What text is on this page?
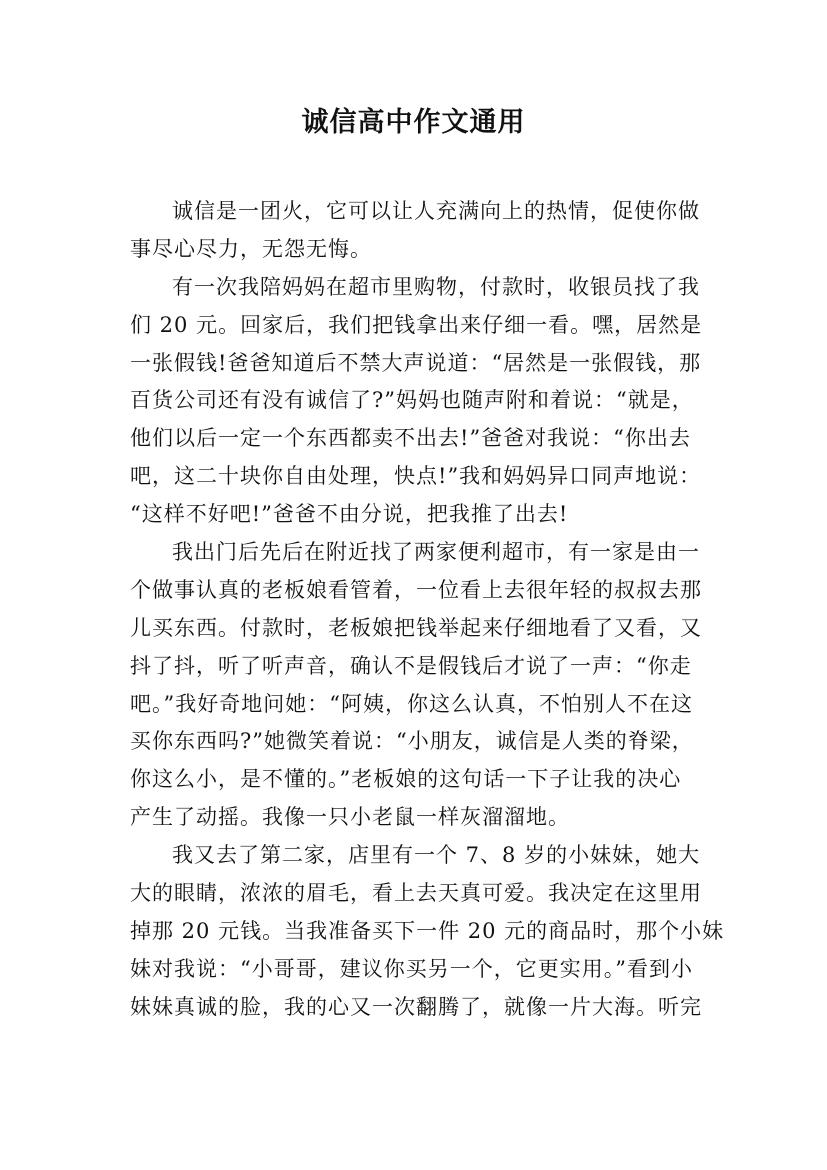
诚信高中作文通用
诚信是一团火，它可以让人充满向上的热情，促使你做
事尽心尽力，无怨无悔。
有一次我陪妈妈在超市里购物，付款时，收银员找了我
们 20 元。回家后，我们把钱拿出来仔细一看。嘿，居然是
一张假钱!爸爸知道后不禁大声说道：“居然是一张假钱，那
百货公司还有没有诚信了?”妈妈也随声附和着说：“就是，
他们以后一定一个东西都卖不出去!”爸爸对我说：“你出去
吧，这二十块你自由处理，快点!”我和妈妈异口同声地说：
“这样不好吧!”爸爸不由分说，把我推了出去!
我出门后先后在附近找了两家便利超市，有一家是由一
个做事认真的老板娘看管着，一位看上去很年轻的叔叔去那
儿买东西。付款时，老板娘把钱举起来仔细地看了又看，又
抖了抖，听了听声音，确认不是假钱后才说了一声：“你走
吧。”我好奇地问她：“阿姨，你这么认真，不怕别人不在这
买你东西吗?”她微笑着说：“小朋友，诚信是人类的脊梁，
你这么小，是不懂的。”老板娘的这句话一下子让我的决心
产生了动摇。我像一只小老鼠一样灰溜溜地。
我又去了第二家，店里有一个 7、8 岁的小妹妹，她大
大的眼睛，浓浓的眉毛，看上去天真可爱。我决定在这里用
掉那 20 元钱。当我准备买下一件 20 元的商品时，那个小妹
妹对我说：“小哥哥，建议你买另一个，它更实用。”看到小
妹妹真诚的脸，我的心又一次翻腾了，就像一片大海。听完
